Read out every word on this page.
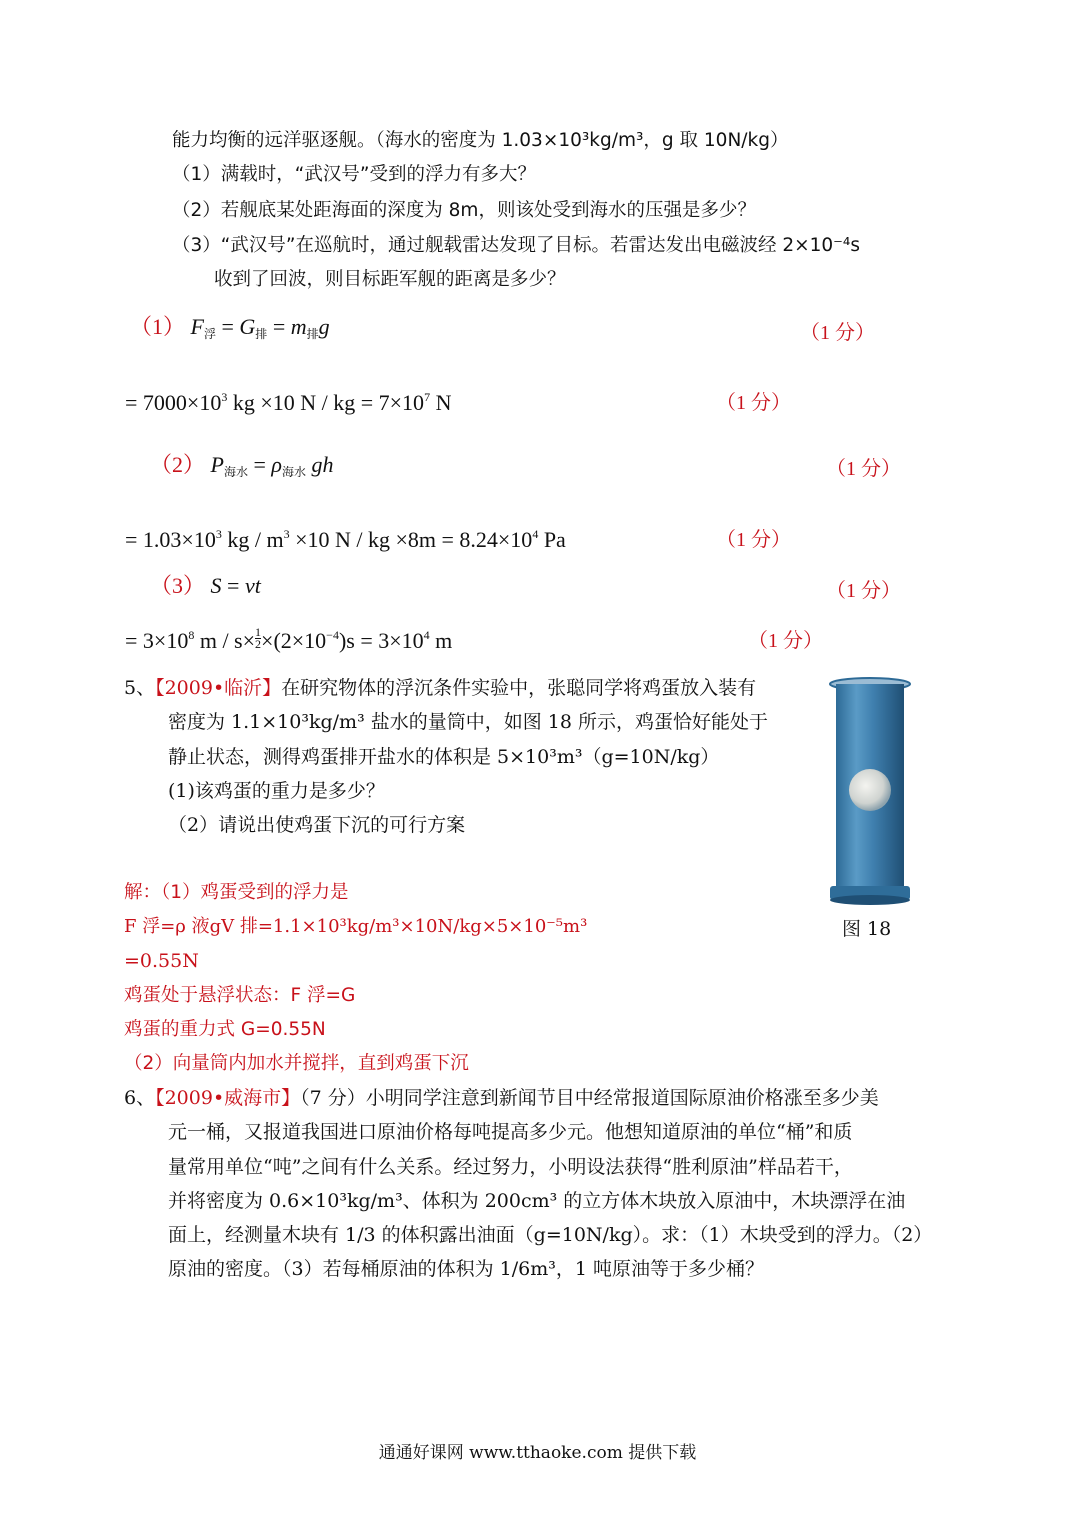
能力均衡的远洋驱逐舰。（海水的密度为 1.03×10³kg/m³，g 取 10N/kg）
（1）满载时，“武汉号”受到的浮力有多大？
（2）若舰底某处距海面的深度为 8m，则该处受到海水的压强是多少？
（3）“武汉号”在巡航时，通过舰载雷达发现了目标。若雷达发出电磁波经 2×10⁻⁴s
收到了回波，则目标距军舰的距离是多少？
（1） $F_浮 = G_排 = m_排g$	（1 分）
= $7000\times 10^3$ kg ×10 N / kg = $7\times 10^7$ N	（1 分）
（2） $P_{海水} = \rho_{海水}$ gh	（1 分）
= $1.03\times 10^3$ kg / $m^3 \times 10$ N / kg $\times 8m = 8.24\times 10^4$ Pa	（1 分）
（3） S = vt	（1 分）
= $3\times 10^8$ $m / s\times \frac{1}{2} \times(2\times 10^{-4})s = 3\times 10^4$ m	（1 分）
5、【2009•临沂】在研究物体的浮沉条件实验中，张聪同学将鸡蛋放入装有
密度为 1.1×10³kg/m³ 盐水的量筒中，如图 18 所示，鸡蛋恰好能处于
静止状态，测得鸡蛋排开盐水的体积是 5×10³m³（g=10N/kg）
(1)该鸡蛋的重力是多少？
（2）请说出使鸡蛋下沉的可行方案
图 18
解：（1）鸡蛋受到的浮力是
F 浮=ρ 液gV 排=1.1×10³kg/m³×10N/kg×5×10⁻⁵m³
=0.55N
鸡蛋处于悬浮状态：F 浮=G
鸡蛋的重力式 G=0.55N
（2）向量筒内加水并搅拌，直到鸡蛋下沉
6、【2009•威海市】（7 分）小明同学注意到新闻节目中经常报道国际原油价格涨至多少美
元一桶，又报道我国进口原油价格每吨提高多少元。他想知道原油的单位“桶”和质
量常用单位“吨”之间有什么关系。经过努力，小明设法获得“胜利原油”样品若干，
并将密度为 0.6×10³kg/m³、体积为 200cm³ 的立方体木块放入原油中，木块漂浮在油
面上，经测量木块有 1/3 的体积露出油面（g=10N/kg）。求：（1）木块受到的浮力。（2）
原油的密度。（3）若每桶原油的体积为 1/6m³，1 吨原油等于多少桶？
通通好课网 www.tthaoke.com 提供下载
